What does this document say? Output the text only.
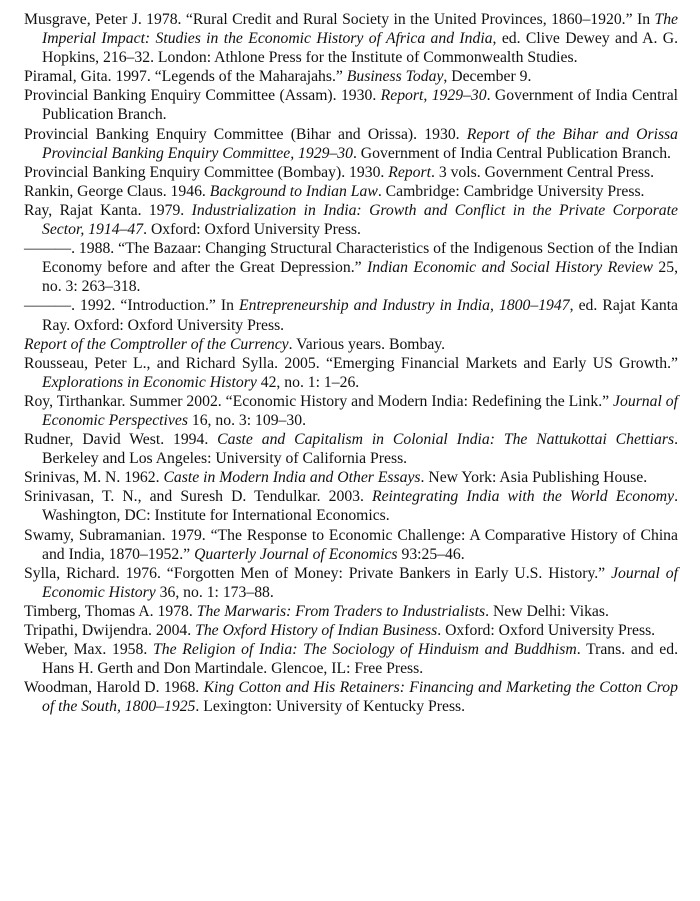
Musgrave, Peter J. 1978. “Rural Credit and Rural Society in the United Provinces, 1860–1920.” In The Imperial Impact: Studies in the Economic History of Africa and India, ed. Clive Dewey and A. G. Hopkins, 216–32. London: Athlone Press for the Institute of Commonwealth Studies.

Piramal, Gita. 1997. “Legends of the Maharajahs.” Business Today, December 9.

Provincial Banking Enquiry Committee (Assam). 1930. Report, 1929–30. Government of India Central Publication Branch.

Provincial Banking Enquiry Committee (Bihar and Orissa). 1930. Report of the Bihar and Orissa Provincial Banking Enquiry Committee, 1929–30. Government of India Central Publication Branch.

Provincial Banking Enquiry Committee (Bombay). 1930. Report. 3 vols. Government Central Press.

Rankin, George Claus. 1946. Background to Indian Law. Cambridge: Cambridge University Press.

Ray, Rajat Kanta. 1979. Industrialization in India: Growth and Conflict in the Private Corporate Sector, 1914–47. Oxford: Oxford University Press.

———. 1988. “The Bazaar: Changing Structural Characteristics of the Indigenous Section of the Indian Economy before and after the Great Depression.” Indian Economic and Social History Review 25, no. 3: 263–318.

———. 1992. “Introduction.” In Entrepreneurship and Industry in India, 1800–1947, ed. Rajat Kanta Ray. Oxford: Oxford University Press.

Report of the Comptroller of the Currency. Various years. Bombay.

Rousseau, Peter L., and Richard Sylla. 2005. “Emerging Financial Markets and Early US Growth.” Explorations in Economic History 42, no. 1: 1–26.

Roy, Tirthankar. Summer 2002. “Economic History and Modern India: Redefining the Link.” Journal of Economic Perspectives 16, no. 3: 109–30.

Rudner, David West. 1994. Caste and Capitalism in Colonial India: The Nattukottai Chettiars. Berkeley and Los Angeles: University of California Press.

Srinivas, M. N. 1962. Caste in Modern India and Other Essays. New York: Asia Publishing House.

Srinivasan, T. N., and Suresh D. Tendulkar. 2003. Reintegrating India with the World Economy. Washington, DC: Institute for International Economics.

Swamy, Subramanian. 1979. “The Response to Economic Challenge: A Comparative History of China and India, 1870–1952.” Quarterly Journal of Economics 93:25–46.

Sylla, Richard. 1976. “Forgotten Men of Money: Private Bankers in Early U.S. History.” Journal of Economic History 36, no. 1: 173–88.

Timberg, Thomas A. 1978. The Marwaris: From Traders to Industrialists. New Delhi: Vikas.

Tripathi, Dwijendra. 2004. The Oxford History of Indian Business. Oxford: Oxford University Press.

Weber, Max. 1958. The Religion of India: The Sociology of Hinduism and Buddhism. Trans. and ed. Hans H. Gerth and Don Martindale. Glencoe, IL: Free Press.

Woodman, Harold D. 1968. King Cotton and His Retainers: Financing and Marketing the Cotton Crop of the South, 1800–1925. Lexington: University of Kentucky Press.
